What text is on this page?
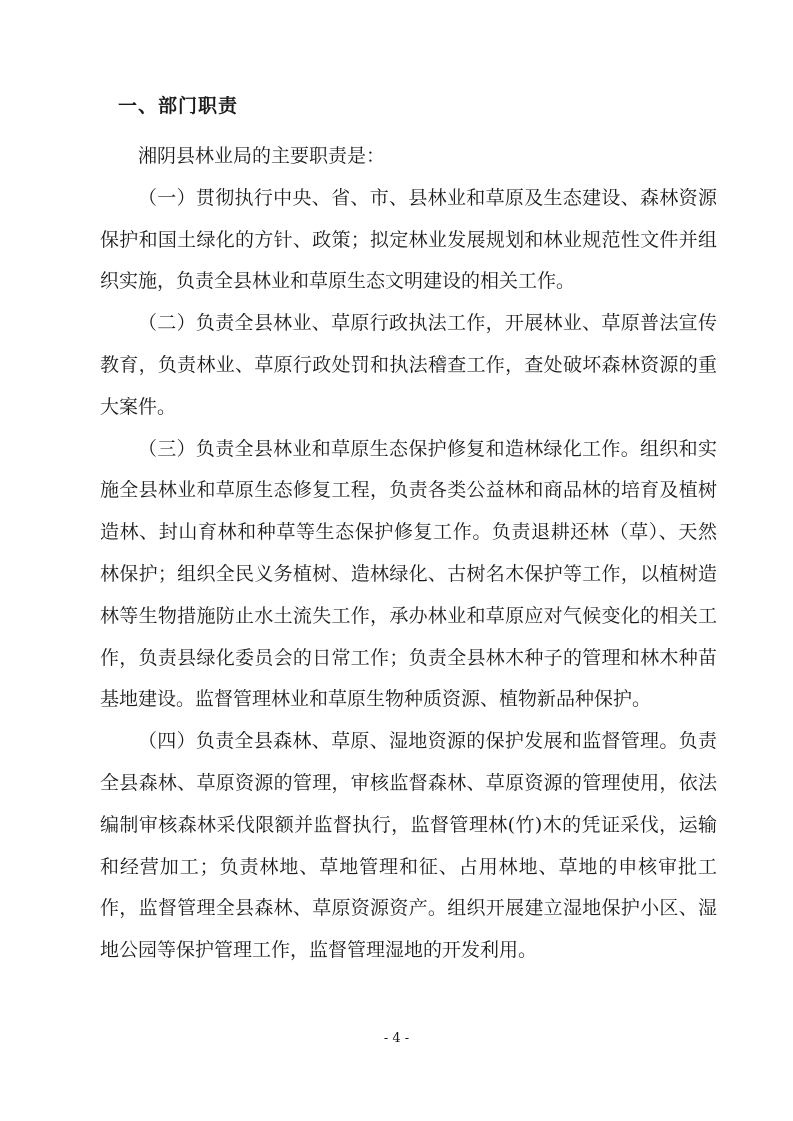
一、部门职责

湘阴县林业局的主要职责是：

（一）贯彻执行中央、省、市、县林业和草原及生态建设、森林资源保护和国土绿化的方针、政策；拟定林业发展规划和林业规范性文件并组织实施，负责全县林业和草原生态文明建设的相关工作。

（二）负责全县林业、草原行政执法工作，开展林业、草原普法宣传教育，负责林业、草原行政处罚和执法稽查工作，查处破坏森林资源的重大案件。

（三）负责全县林业和草原生态保护修复和造林绿化工作。组织和实施全县林业和草原生态修复工程，负责各类公益林和商品林的培育及植树造林、封山育林和种草等生态保护修复工作。负责退耕还林（草）、天然林保护；组织全民义务植树、造林绿化、古树名木保护等工作，以植树造林等生物措施防止水土流失工作，承办林业和草原应对气候变化的相关工作，负责县绿化委员会的日常工作；负责全县林木种子的管理和林木种苗基地建设。监督管理林业和草原生物种质资源、植物新品种保护。

（四）负责全县森林、草原、湿地资源的保护发展和监督管理。负责全县森林、草原资源的管理，审核监督森林、草原资源的管理使用，依法编制审核森林采伐限额并监督执行，监督管理林(竹)木的凭证采伐，运输和经营加工；负责林地、草地管理和征、占用林地、草地的申核审批工作，监督管理全县森林、草原资源资产。组织开展建立湿地保护小区、湿地公园等保护管理工作，监督管理湿地的开发利用。

- 4 -
